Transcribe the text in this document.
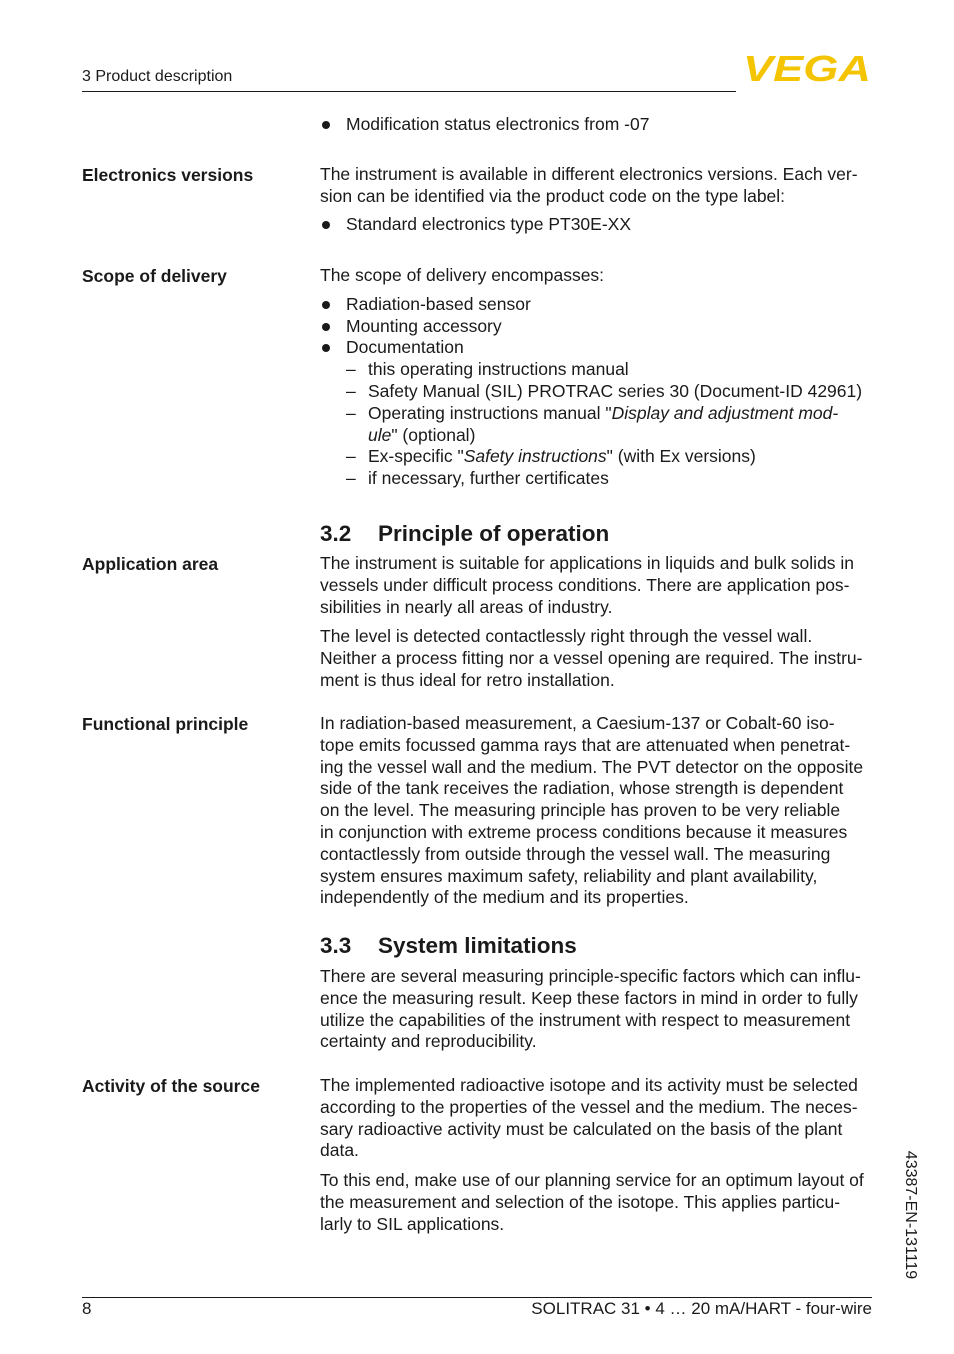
3 Product description	VEGA
Modification status electronics from -07
Electronics versions	The instrument is available in different electronics versions. Each ver-
sion can be identified via the product code on the type label:

Standard electronics type PT30E-XX
Scope of delivery	The scope of delivery encompasses:

Radiation-based sensor
Mounting accessory
Documentation
– this operating instructions manual
– Safety Manual (SIL) PROTRAC series 30 (Document-ID 42961)
– Operating instructions manual "Display and adjustment mod-
ule" (optional)
– Ex-specific "Safety instructions" (with Ex versions)
– if necessary, further certificates
3.2 Principle of operation
Application area	The instrument is suitable for applications in liquids and bulk solids in
vessels under difficult process conditions. There are application pos-
sibilities in nearly all areas of industry.

The level is detected contactlessly right through the vessel wall.
Neither a process fitting nor a vessel opening are required. The instru-
ment is thus ideal for retro installation.

Functional principle	In radiation-based measurement, a Caesium-137 or Cobalt-60 iso-
tope emits focussed gamma rays that are attenuated when penetrat-
ing the vessel wall and the medium. The PVT detector on the opposite
side of the tank receives the radiation, whose strength is dependent
on the level. The measuring principle has proven to be very reliable
in conjunction with extreme process conditions because it measures
contactlessly from outside through the vessel wall. The measuring
system ensures maximum safety, reliability and plant availability,
independently of the medium and its properties.

3.3 System limitations

There are several measuring principle-specific factors which can influ-
ence the measuring result. Keep these factors in mind in order to fully
utilize the capabilities of the instrument with respect to measurement
certainty and reproducibility.

Activity of the source	The implemented radioactive isotope and its activity must be selected
according to the properties of the vessel and the medium. The neces-
sary radioactive activity must be calculated on the basis of the plant
data.

To this end, make use of our planning service for an optimum layout of
the measurement and selection of the isotope. This applies particu-
larly to SIL applications.	43387-EN-131119
8	SOLITRAC 31 • 4 … 20 mA/HART - four-wire
